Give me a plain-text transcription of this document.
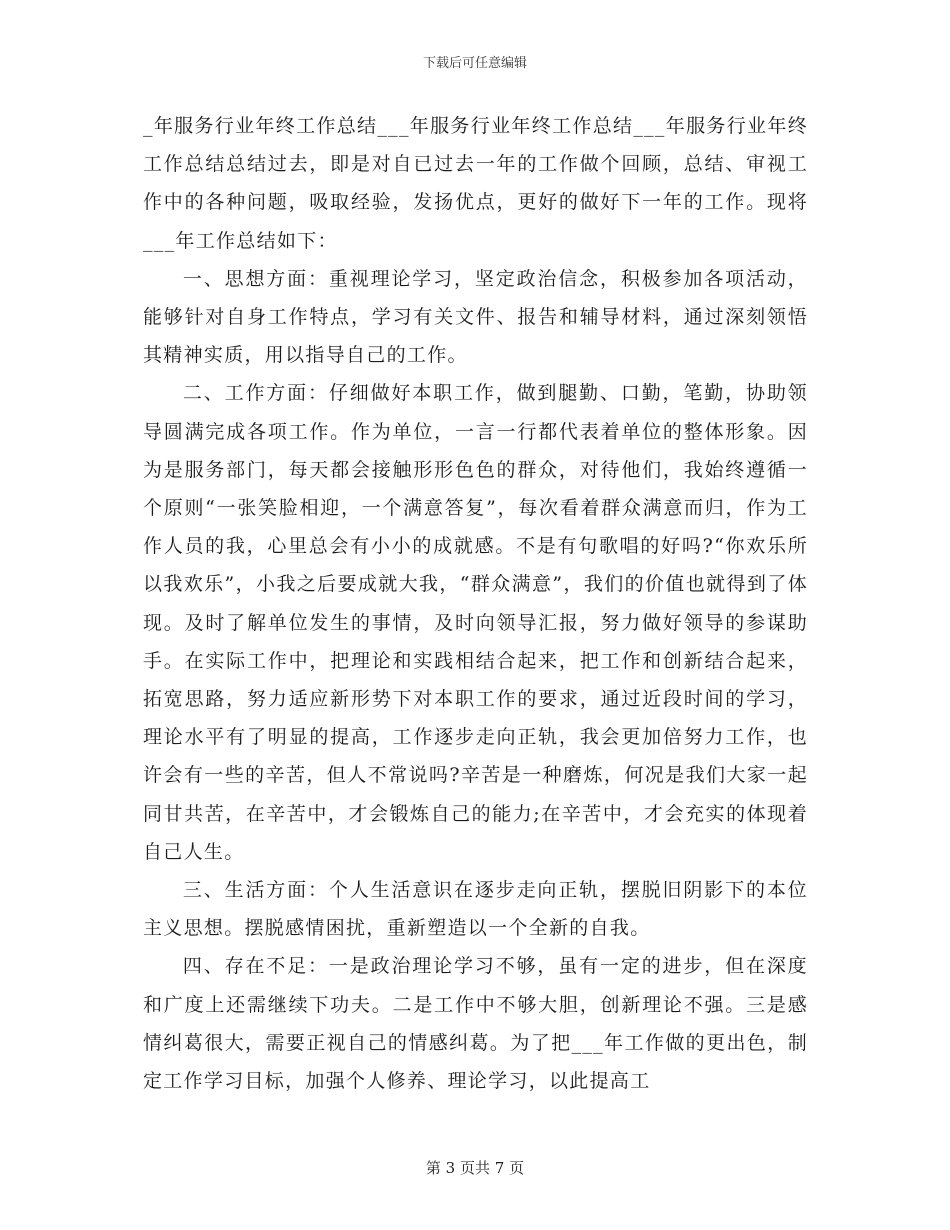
下载后可任意编辑

_年服务行业年终工作总结___年服务行业年终工作总结___年服务行业年终工作总结总结过去，即是对自已过去一年的工作做个回顾，总结、审视工作中的各种问题，吸取经验，发扬优点，更好的做好下一年的工作。现将___年工作总结如下：

一、思想方面：重视理论学习，坚定政治信念，积极参加各项活动，能够针对自身工作特点，学习有关文件、报告和辅导材料，通过深刻领悟其精神实质，用以指导自己的工作。

二、工作方面：仔细做好本职工作，做到腿勤、口勤，笔勤，协助领导圆满完成各项工作。作为单位，一言一行都代表着单位的整体形象。因为是服务部门，每天都会接触形形色色的群众，对待他们，我始终遵循一个原则“一张笑脸相迎，一个满意答复”，每次看着群众满意而归，作为工作人员的我，心里总会有小小的成就感。不是有句歌唱的好吗?“你欢乐所以我欢乐”，小我之后要成就大我，“群众满意”，我们的价值也就得到了体现。及时了解单位发生的事情，及时向领导汇报，努力做好领导的参谋助手。在实际工作中，把理论和实践相结合起来，把工作和创新结合起来，拓宽思路，努力适应新形势下对本职工作的要求，通过近段时间的学习，理论水平有了明显的提高，工作逐步走向正轨，我会更加倍努力工作，也许会有一些的辛苦，但人不常说吗?辛苦是一种磨炼，何况是我们大家一起同甘共苦，在辛苦中，才会锻炼自己的能力;在辛苦中，才会充实的体现着自己人生。

三、生活方面：个人生活意识在逐步走向正轨，摆脱旧阴影下的本位主义思想。摆脱感情困扰，重新塑造以一个全新的自我。

四、存在不足：一是政治理论学习不够，虽有一定的进步，但在深度和广度上还需继续下功夫。二是工作中不够大胆，创新理论不强。三是感情纠葛很大，需要正视自己的情感纠葛。为了把___年工作做的更出色，制定工作学习目标，加强个人修养、理论学习，以此提高工

第 3 页共 7 页
